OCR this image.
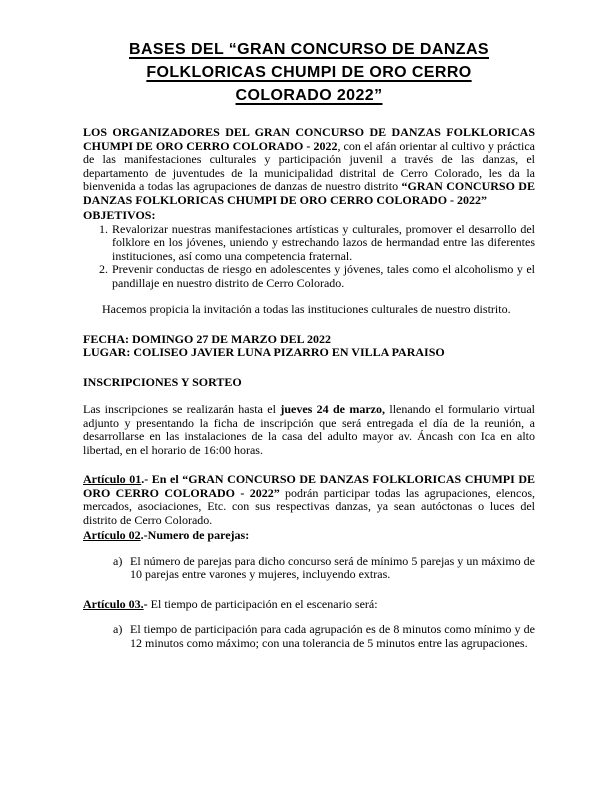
BASES DEL “GRAN CONCURSO DE DANZAS
FOLKLORICAS CHUMPI DE ORO CERRO
COLORADO 2022”

LOS ORGANIZADORES DEL GRAN CONCURSO DE DANZAS FOLKLORICAS CHUMPI DE ORO CERRO COLORADO - 2022, con el afán orientar al cultivo y práctica de las manifestaciones culturales y participación juvenil a través de las danzas, el departamento de juventudes de la municipalidad distrital de Cerro Colorado, les da la bienvenida a todas las agrupaciones de danzas de nuestro distrito “GRAN CONCURSO DE DANZAS FOLKLORICAS CHUMPI DE ORO CERRO COLORADO - 2022”

OBJETIVOS:

1. Revalorizar nuestras manifestaciones artísticas y culturales, promover el desarrollo del folklore en los jóvenes, uniendo y estrechando lazos de hermandad entre las diferentes instituciones, así como una competencia fraternal.
2. Prevenir conductas de riesgo en adolescentes y jóvenes, tales como el alcoholismo y el pandillaje en nuestro distrito de Cerro Colorado.

Hacemos propicia la invitación a todas las instituciones culturales de nuestro distrito.

FECHA: DOMINGO 27 DE MARZO DEL 2022

LUGAR: COLISEO JAVIER LUNA PIZARRO EN VILLA PARAISO

INSCRIPCIONES Y SORTEO

Las inscripciones se realizarán hasta el jueves 24 de marzo, llenando el formulario virtual adjunto y presentando la ficha de inscripción que será entregada el día de la reunión, a desarrollarse en las instalaciones de la casa del adulto mayor av. Áncash con Ica en alto libertad, en el horario de 16:00 horas.

Artículo 01.- En el “GRAN CONCURSO DE DANZAS FOLKLORICAS CHUMPI DE ORO CERRO COLORADO - 2022” podrán participar todas las agrupaciones, elencos, mercados, asociaciones, Etc. con sus respectivas danzas, ya sean autóctonas o luces del distrito de Cerro Colorado.

Artículo 02.-Numero de parejas:

a) El número de parejas para dicho concurso será de mínimo 5 parejas y un máximo de 10 parejas entre varones y mujeres, incluyendo extras.

Artículo 03.- El tiempo de participación en el escenario será:

a) El tiempo de participación para cada agrupación es de 8 minutos como mínimo y de 12 minutos como máximo; con una tolerancia de 5 minutos entre las agrupaciones.
